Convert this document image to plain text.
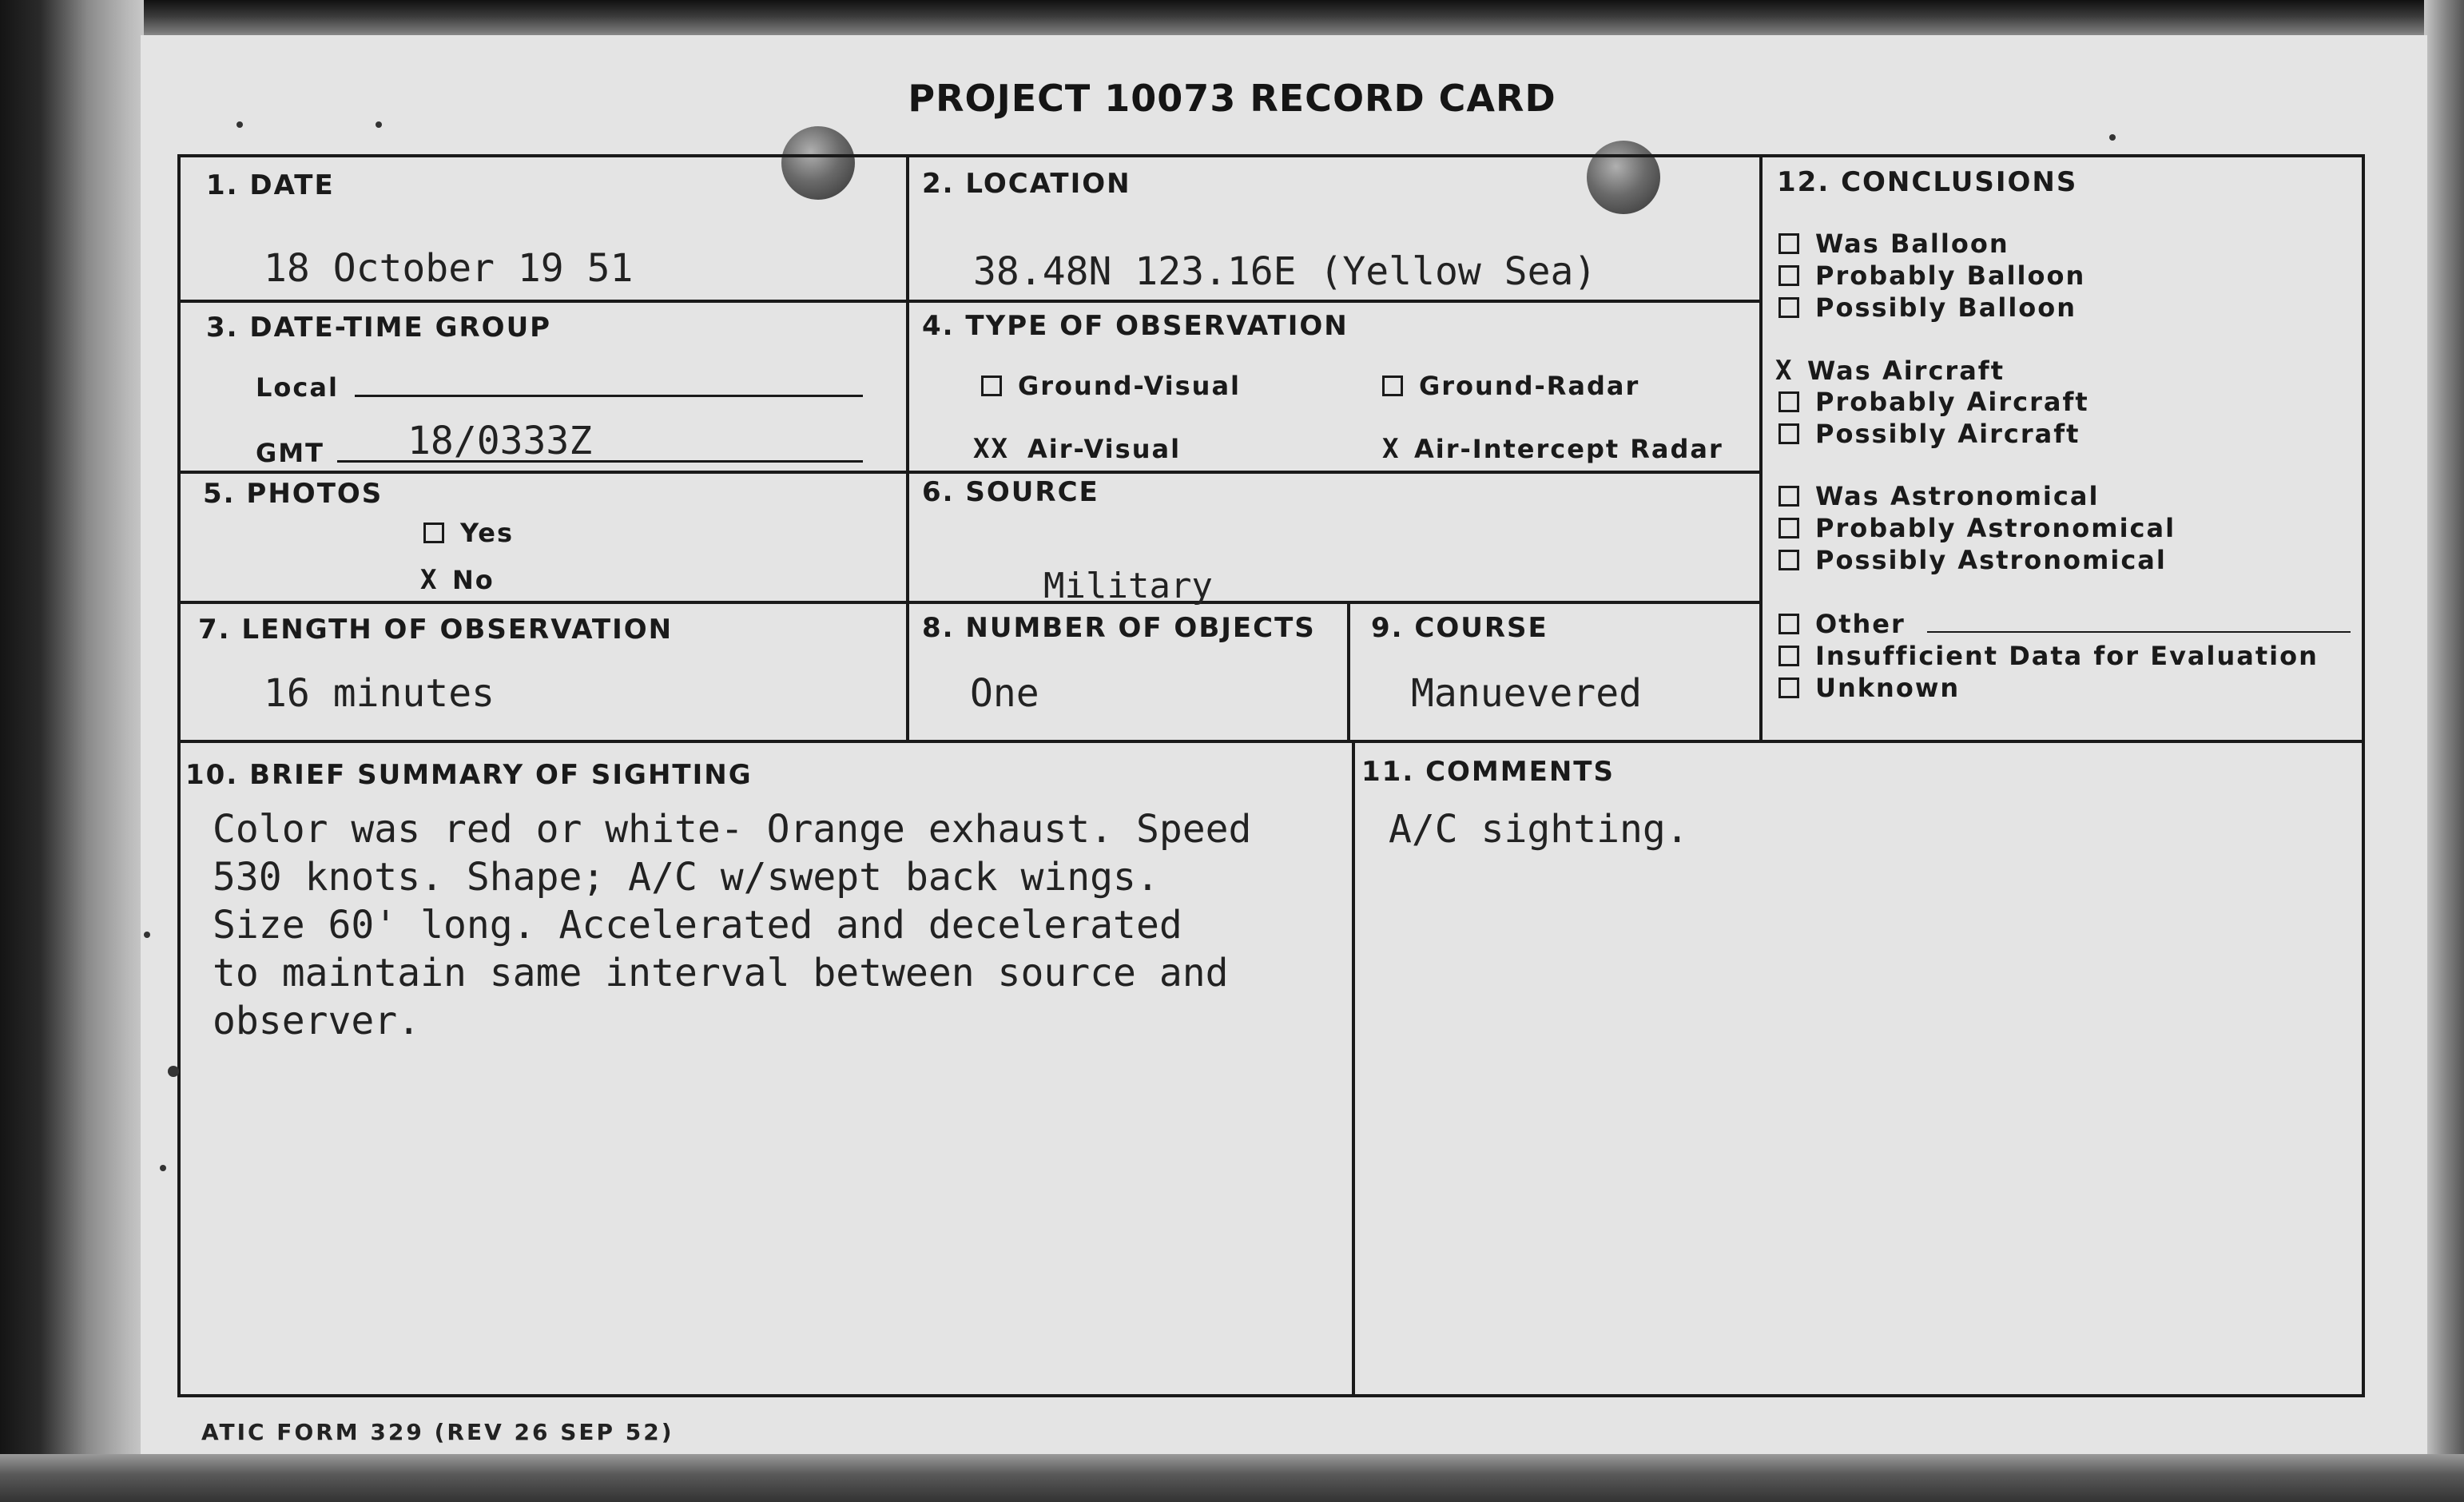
PROJECT 10073 RECORD CARD
1. DATE
18 October 19 51
2. LOCATION
38.48N 123.16E (Yellow Sea)
3. DATE-TIME GROUP
Local
GMT 18/0333Z
4. TYPE OF OBSERVATION
Ground-Visual	Ground-Radar
XX Air-Visual	X Air-Intercept Radar
5. PHOTOS
Yes
X No
6. SOURCE
Military
7. LENGTH OF OBSERVATION
16 minutes
8. NUMBER OF OBJECTS
One
9. COURSE
Manuevered
10. BRIEF SUMMARY OF SIGHTING
Color was red or white- Orange exhaust. Speed
530 knots. Shape; A/C w/swept back wings.
Size 60' long. Accelerated and decelerated
to maintain same interval between source and
observer.
11. COMMENTS
A/C sighting.
12. CONCLUSIONS
Was Balloon
Probably Balloon
Possibly Balloon
X Was Aircraft
Probably Aircraft
Possibly Aircraft
Was Astronomical
Probably Astronomical
Possibly Astronomical
Other
Insufficient Data for Evaluation
Unknown
ATIC FORM 329 (REV 26 SEP 52)
